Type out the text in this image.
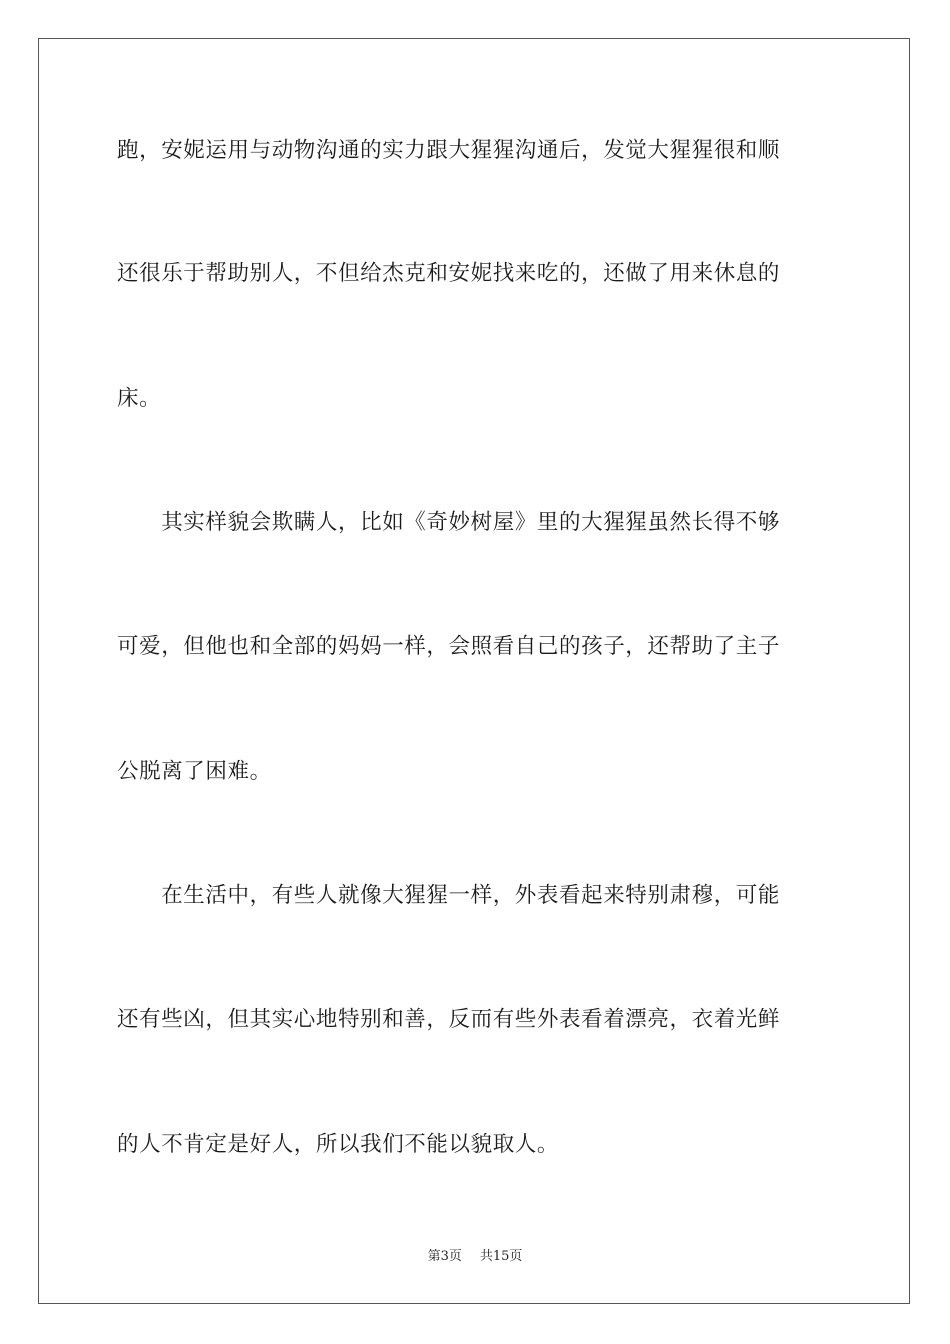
跑，安妮运用与动物沟通的实力跟大猩猩沟通后，发觉大猩猩很和顺
还很乐于帮助别人，不但给杰克和安妮找来吃的，还做了用来休息的
床。
　　其实样貌会欺瞒人，比如《奇妙树屋》里的大猩猩虽然长得不够
可爱，但他也和全部的妈妈一样，会照看自己的孩子，还帮助了主子
公脱离了困难。
　　在生活中，有些人就像大猩猩一样，外表看起来特别肃穆，可能
还有些凶，但其实心地特别和善，反而有些外表看着漂亮，衣着光鲜
的人不肯定是好人，所以我们不能以貌取人。
第3页 共15页
